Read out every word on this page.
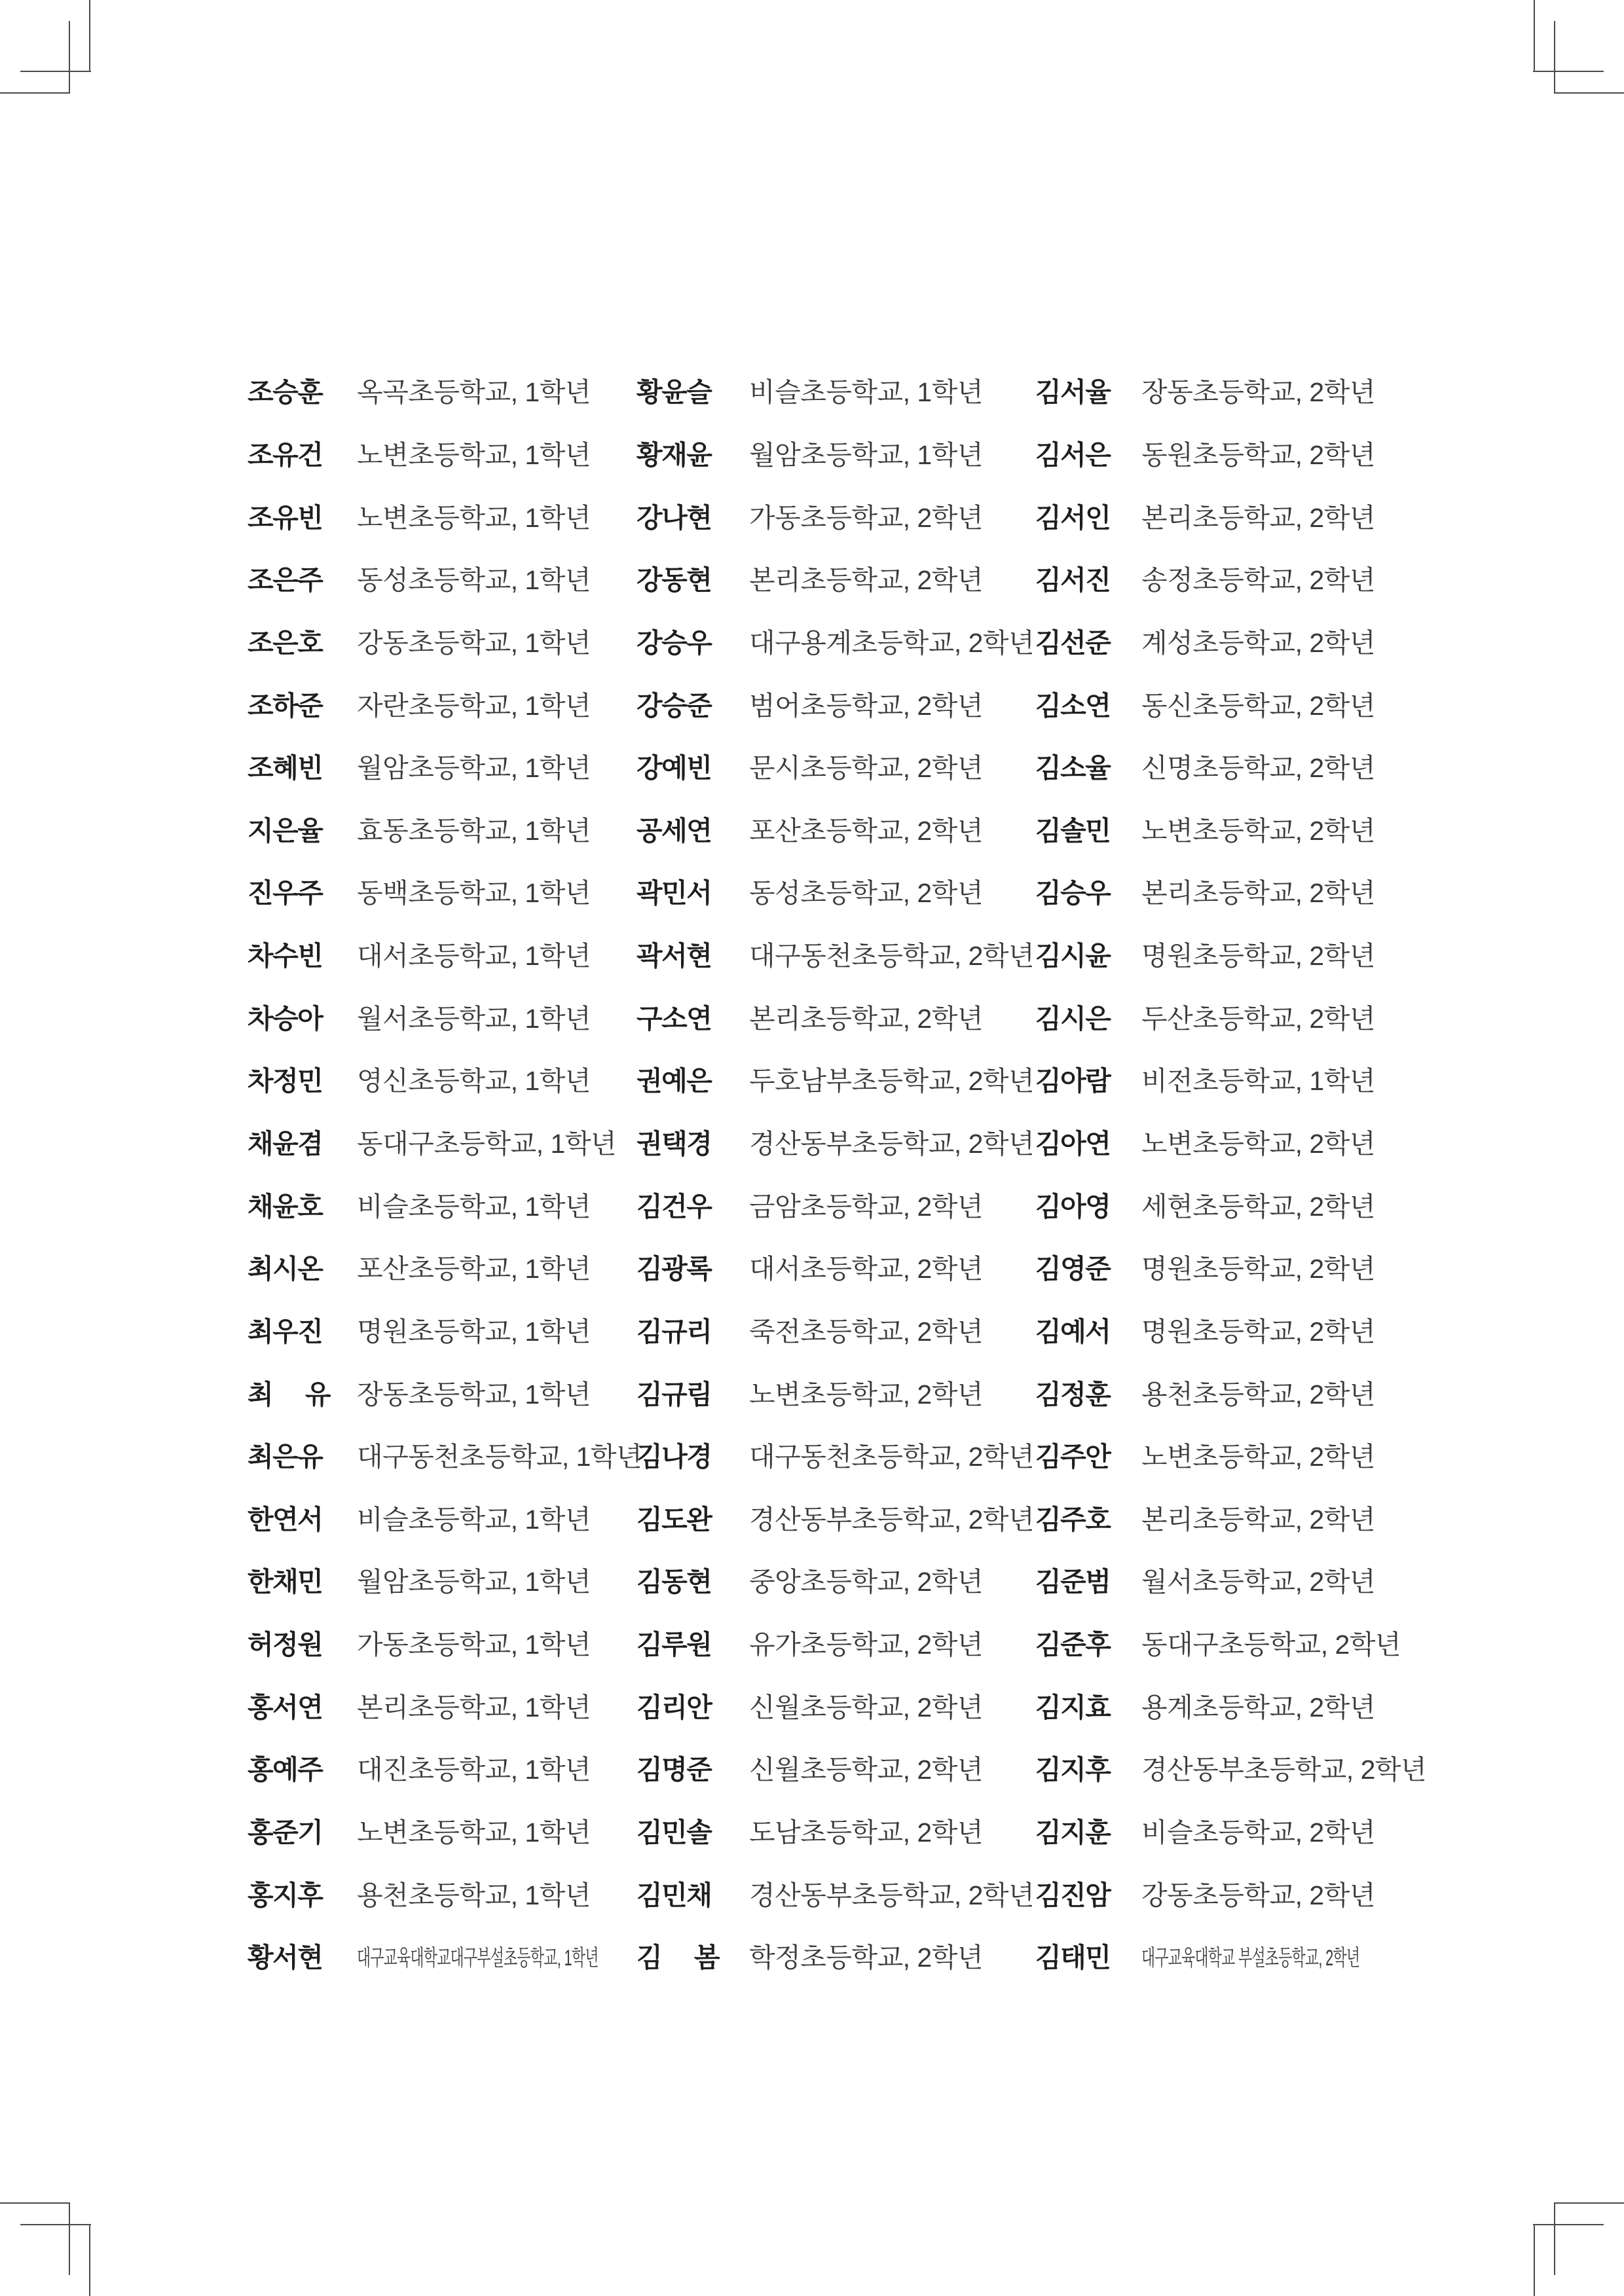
조승훈 옥곡초등학교, 1학년
조유건 노변초등학교, 1학년
조유빈 노변초등학교, 1학년
조은주 동성초등학교, 1학년
조은호 강동초등학교, 1학년
조하준 자란초등학교, 1학년
조혜빈 월암초등학교, 1학년
지은율 효동초등학교, 1학년
진우주 동백초등학교, 1학년
차수빈 대서초등학교, 1학년
차승아 월서초등학교, 1학년
차정민 영신초등학교, 1학년
채윤겸 동대구초등학교, 1학년
채윤호 비슬초등학교, 1학년
최시온 포산초등학교, 1학년
최우진 명원초등학교, 1학년
최 유 장동초등학교, 1학년
최은유 대구동천초등학교, 1학년
한연서 비슬초등학교, 1학년
한채민 월암초등학교, 1학년
허정원 가동초등학교, 1학년
홍서연 본리초등학교, 1학년
홍예주 대진초등학교, 1학년
홍준기 노변초등학교, 1학년
홍지후 용천초등학교, 1학년
황서현	대구교육대학교대구부설초등학교, 1학년
황윤슬 비슬초등학교, 1학년
황재윤 월암초등학교, 1학년
강나현 가동초등학교, 2학년
강동현 본리초등학교, 2학년
강승우 대구용계초등학교, 2학년
강승준 범어초등학교, 2학년
강예빈 문시초등학교, 2학년
공세연 포산초등학교, 2학년
곽민서 동성초등학교, 2학년
곽서현 대구동천초등학교, 2학년
구소연 본리초등학교, 2학년
권예은 두호남부초등학교, 2학년
권택경 경산동부초등학교, 2학년
김건우 금암초등학교, 2학년
김광록 대서초등학교, 2학년
김규리 죽전초등학교, 2학년
김규림 노변초등학교, 2학년
김나경 대구동천초등학교, 2학년
김도완 경산동부초등학교, 2학년
김동현 중앙초등학교, 2학년
김루원 유가초등학교, 2학년
김리안 신월초등학교, 2학년
김명준 신월초등학교, 2학년
김민솔 도남초등학교, 2학년
김민채 경산동부초등학교, 2학년
김 봄 학정초등학교, 2학년
김서율 장동초등학교, 2학년
김서은 동원초등학교, 2학년
김서인 본리초등학교, 2학년
김서진 송정초등학교, 2학년
김선준 계성초등학교, 2학년
김소연 동신초등학교, 2학년
김소율 신명초등학교, 2학년
김솔민 노변초등학교, 2학년
김승우 본리초등학교, 2학년
김시윤 명원초등학교, 2학년
김시은 두산초등학교, 2학년
김아람 비전초등학교, 1학년
김아연 노변초등학교, 2학년
김아영 세현초등학교, 2학년
김영준 명원초등학교, 2학년
김예서 명원초등학교, 2학년
김정훈 용천초등학교, 2학년
김주안 노변초등학교, 2학년
김주호 본리초등학교, 2학년
김준범 월서초등학교, 2학년
김준후 동대구초등학교, 2학년
김지효 용계초등학교, 2학년
김지후 경산동부초등학교, 2학년
김지훈 비슬초등학교, 2학년
김진암 강동초등학교, 2학년
김태민	대구교육대학교 부설초등학교, 2학년
